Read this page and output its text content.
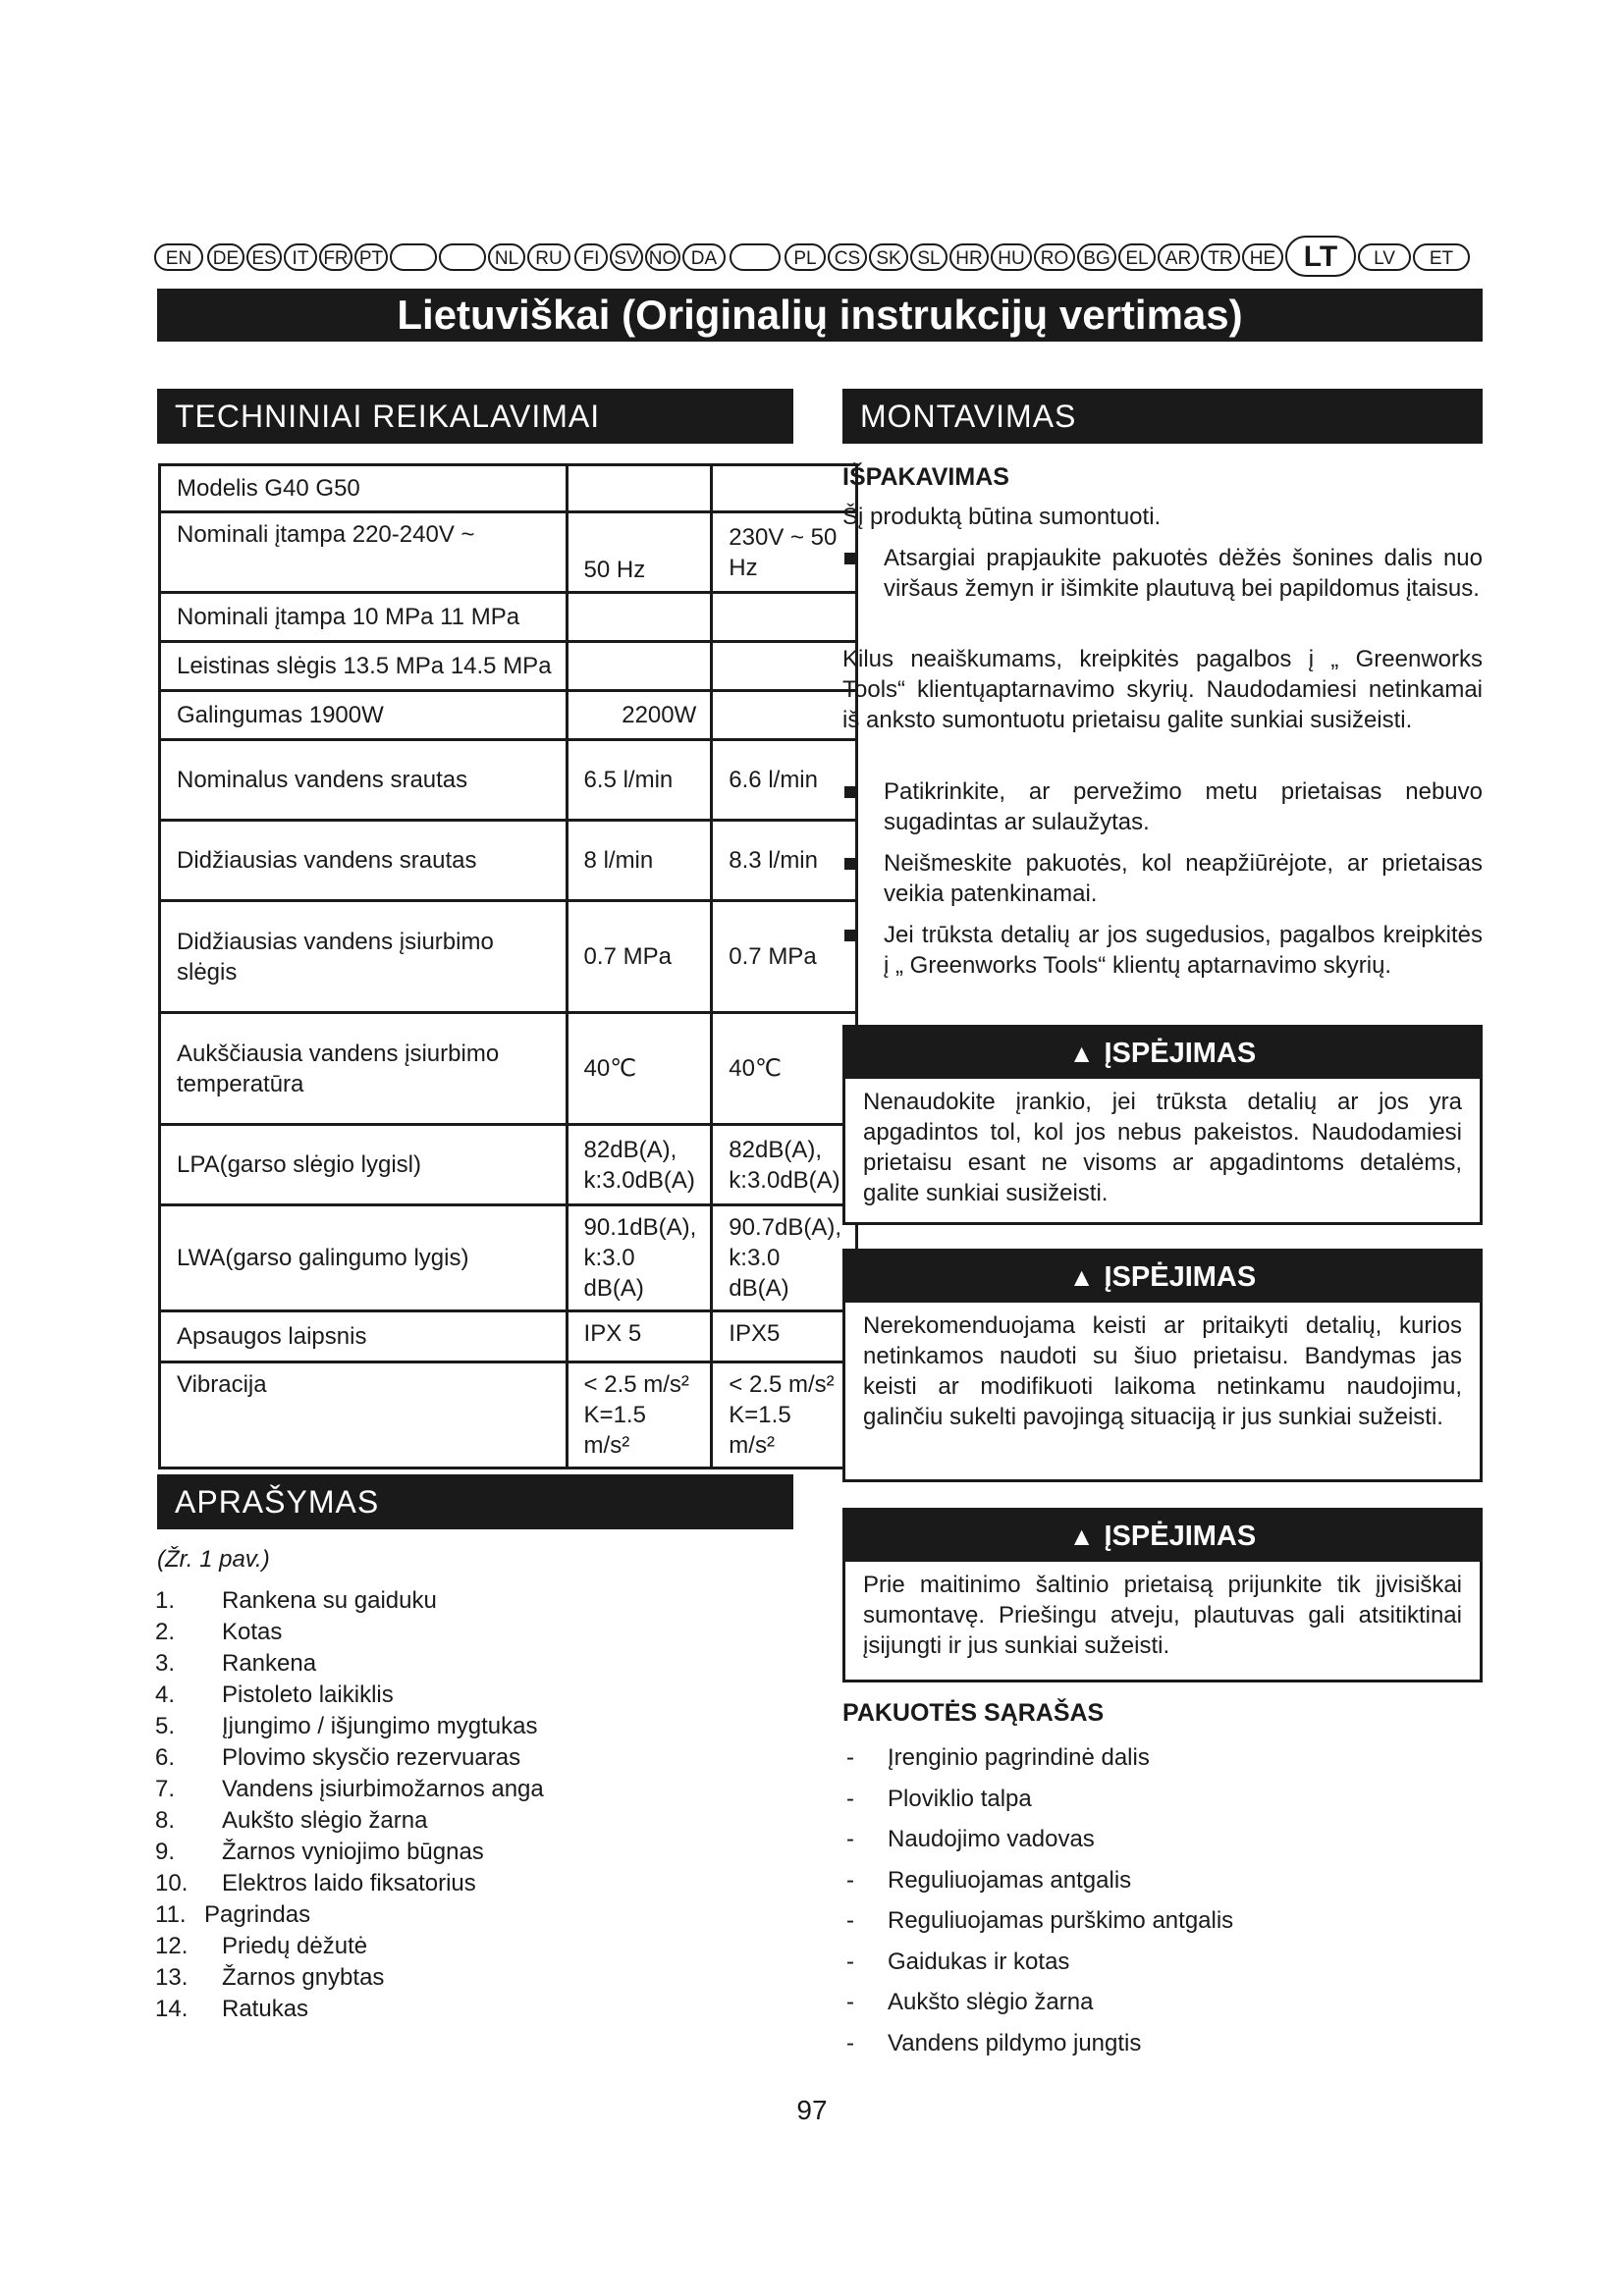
EN	DE ES IT FR PT	NL RU	FI SV NO DA	PL CS SK SL HR HU RO BG EL AR TR HE LT	LV	ET
Lietuviškai (Originalių instrukcijų vertimas)
TECHNINIAI REIKALAVIMAI
Modelis G40 G50		
Nominali įtampa 220-240V ~	50 Hz	230V ~ 50 Hz
Nominali įtampa 10 MPa 11 MPa		
Leistinas slėgis 13.5 MPa 14.5 MPa		
Galingumas 1900W	2200W	
Nominalus vandens srautas	6.5 l/min	6.6 l/min
Didžiausias vandens srautas	8 l/min	8.3 l/min
Didžiausias vandens įsiurbimo slėgis	0.7 MPa	0.7 MPa
Aukščiausia vandens įsiurbimo temperatūra	40℃	40℃
LPA(garso slėgio lygisl)	82dB(A), k:3.0dB(A)	82dB(A), k:3.0dB(A)
LWA(garso galingumo lygis)	90.1dB(A), k:3.0 dB(A)	90.7dB(A), k:3.0 dB(A)
Apsaugos laipsnis	IPX 5	IPX5
Vibracija	< 2.5 m/s² K=1.5 m/s²	< 2.5 m/s² K=1.5 m/s²
APRAŠYMAS
(Žr. 1 pav.)
1.	Rankena su gaiduku
2.	Kotas
3.	Rankena
4.	Pistoleto laikiklis
5.	Įjungimo / išjungimo mygtukas
6.	Plovimo skysčio rezervuaras
7.	Vandens įsiurbimožarnos anga
8.	Aukšto slėgio žarna
9.	Žarnos vyniojimo būgnas
10. Elektros laido fiksatorius
11. Pagrindas
12. Priedų dėžutė
13. Žarnos gnybtas
14. Ratukas
MONTAVIMAS
IŠPAKAVIMAS
Šį produktą būtina sumontuoti.
Atsargiai prapjaukite pakuotės dėžės šonines dalis nuo viršaus žemyn ir išimkite plautuvą bei papildomus įtaisus.
Kilus neaiškumams, kreipkitės pagalbos į „ Greenworks Tools“ klientųaptarnavimo skyrių. Naudodamiesi netinkamai iš anksto sumontuotu prietaisu galite sunkiai susižeisti.
Patikrinkite, ar pervežimo metu prietaisas nebuvo sugadintas ar sulaužytas.
Neišmeskite pakuotės, kol neapžiūrėjote, ar prietaisas veikia patenkinamai.
Jei trūksta detalių ar jos sugedusios, pagalbos kreipkitės į „ Greenworks Tools“ klientų aptarnavimo skyrių.
▲ ĮSPĖJIMAS
Nenaudokite įrankio, jei trūksta detalių ar jos yra apgadintos tol, kol jos nebus pakeistos. Naudodamiesi prietaisu esant ne visoms ar apgadintoms detalėms, galite sunkiai susižeisti.
▲ ĮSPĖJIMAS
Nerekomenduojama keisti ar pritaikyti detalių, kurios netinkamos naudoti su šiuo prietaisu. Bandymas jas keisti ar modifikuoti laikoma netinkamu naudojimu, galinčiu sukelti pavojingą situaciją ir jus sunkiai sužeisti.
▲ ĮSPĖJIMAS
Prie maitinimo šaltinio prietaisą prijunkite tik įjvisiškai sumontavę. Priešingu atveju, plautuvas gali atsitiktinai įsijungti ir jus sunkiai sužeisti.
PAKUOTĖS SĄRAŠAS
- Įrenginio pagrindinė dalis
- Ploviklio talpa
- Naudojimo vadovas
- Reguliuojamas antgalis
- Reguliuojamas purškimo antgalis
- Gaidukas ir kotas
- Aukšto slėgio žarna
- Vandens pildymo jungtis
97
